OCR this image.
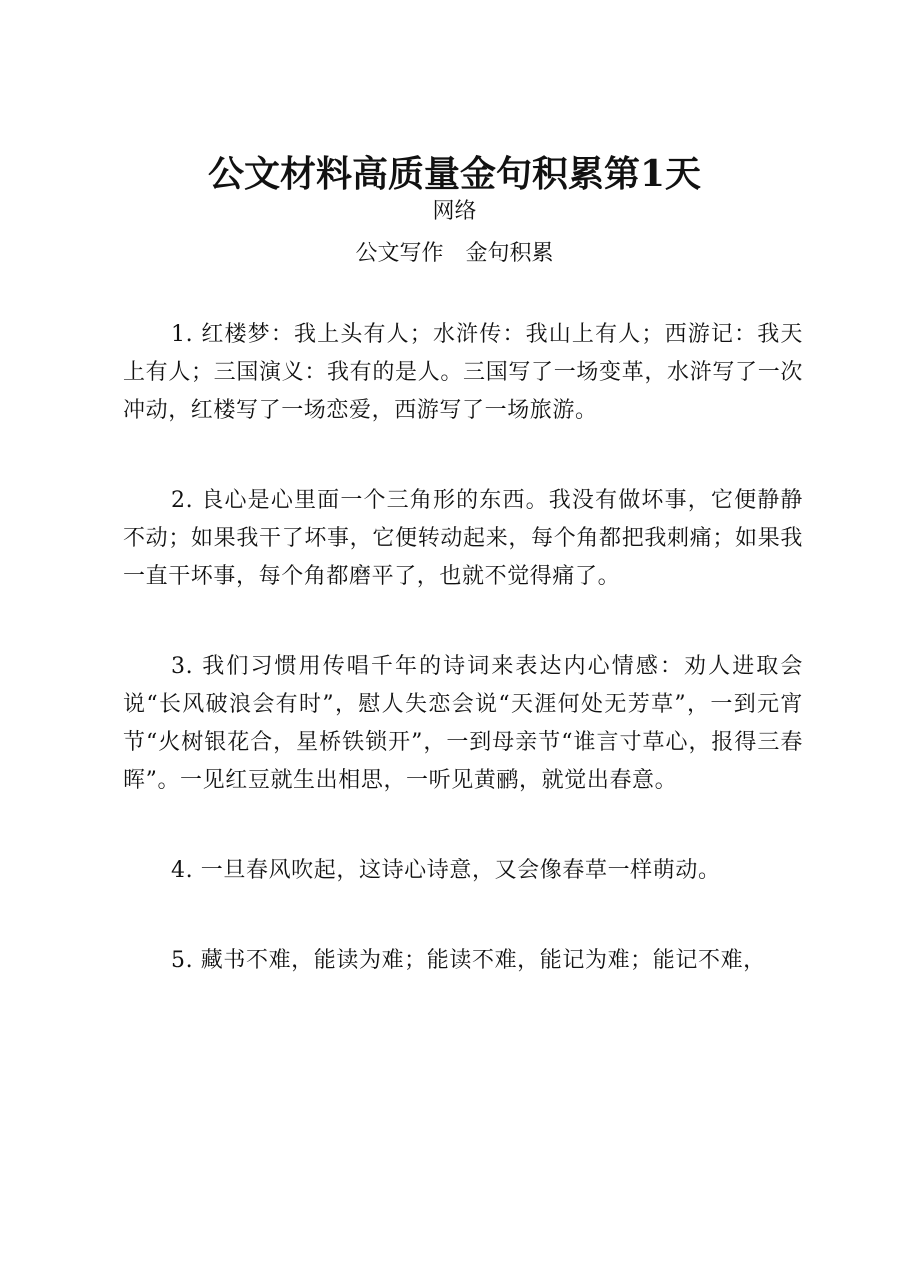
公文材料高质量金句积累第1天
网络
公文写作 金句积累

1. 红楼梦：我上头有人；水浒传：我山上有人；西游记：我天上有人；三国演义：我有的是人。三国写了一场变革，水浒写了一次冲动，红楼写了一场恋爱，西游写了一场旅游。

2. 良心是心里面一个三角形的东西。我没有做坏事，它便静静不动；如果我干了坏事，它便转动起来，每个角都把我刺痛；如果我一直干坏事，每个角都磨平了，也就不觉得痛了。

3. 我们习惯用传唱千年的诗词来表达内心情感：劝人进取会说“长风破浪会有时”，慰人失恋会说“天涯何处无芳草”，一到元宵节“火树银花合，星桥铁锁开”，一到母亲节“谁言寸草心，报得三春晖”。一见红豆就生出相思，一听见黄鹂，就觉出春意。

4. 一旦春风吹起，这诗心诗意，又会像春草一样萌动。

5. 藏书不难，能读为难；能读不难，能记为难；能记不难，
